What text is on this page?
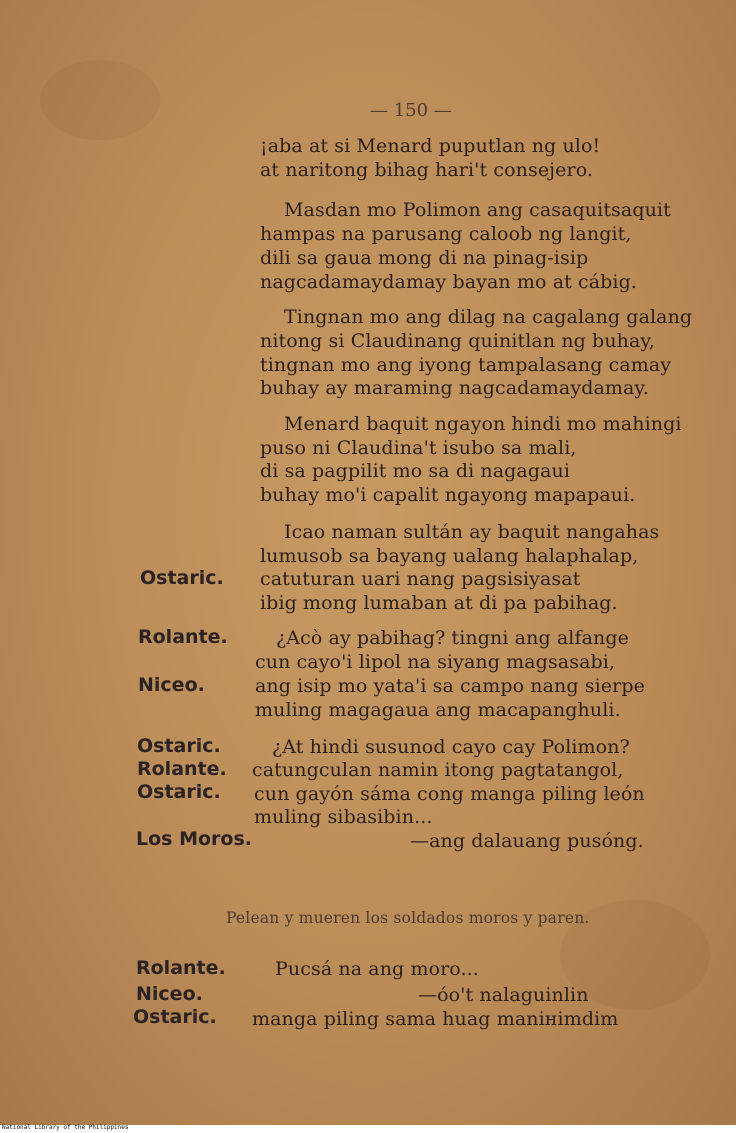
— 150 —
¡aba at si Menard puputlan ng ulo!
at naritong bihag hari't consejero.
Masdan mo Polimon ang casaquitsaquit
hampas na parusang caloob ng langit,
dili sa gaua mong di na pinag-isip
nagcadamaydamay bayan mo at cábig.
Tingnan mo ang dilag na cagalang galang
nitong si Claudinang quinitlan ng buhay,
tingnan mo ang iyong tampalasang camay
buhay ay maraming nagcadamaydamay.
Menard baquit ngayon hindi mo mahingi
puso ni Claudina't isubo sa mali,
di sa pagpilit mo sa di nagagaui
buhay mo'i capalit ngayong mapapaui.
Icao naman sultán ay baquit nangahas
lumusob sa bayang ualang halaphalap,
Ostaric. catuturan uari nang pagsisiyasat
ibig mong lumaban at di pa pabihag.
Rolante.	¿Acò ay pabihag? tingni ang alfange
cun cayo'i lipol na siyang magsasabi,
Niceo.	ang isip mo yata'i sa campo nang sierpe
muling magagaua ang macapanghuli.
Ostaric.	¿At hindi susunod cayo cay Polimon?
Rolante. catungculan namin itong pagtatangol,
Ostaric. cun gayón sáma cong manga piling león
muling sibasibin...
Los Moros.	—ang dalauang pusóng.
Pelean y mueren los soldados moros y paren.
Rolante.	Pucsá na ang moro...
Niceo.	—óo't nalaguinlin
Ostaric. manga piling sama huag manінimdim
National Library of the Philippines
